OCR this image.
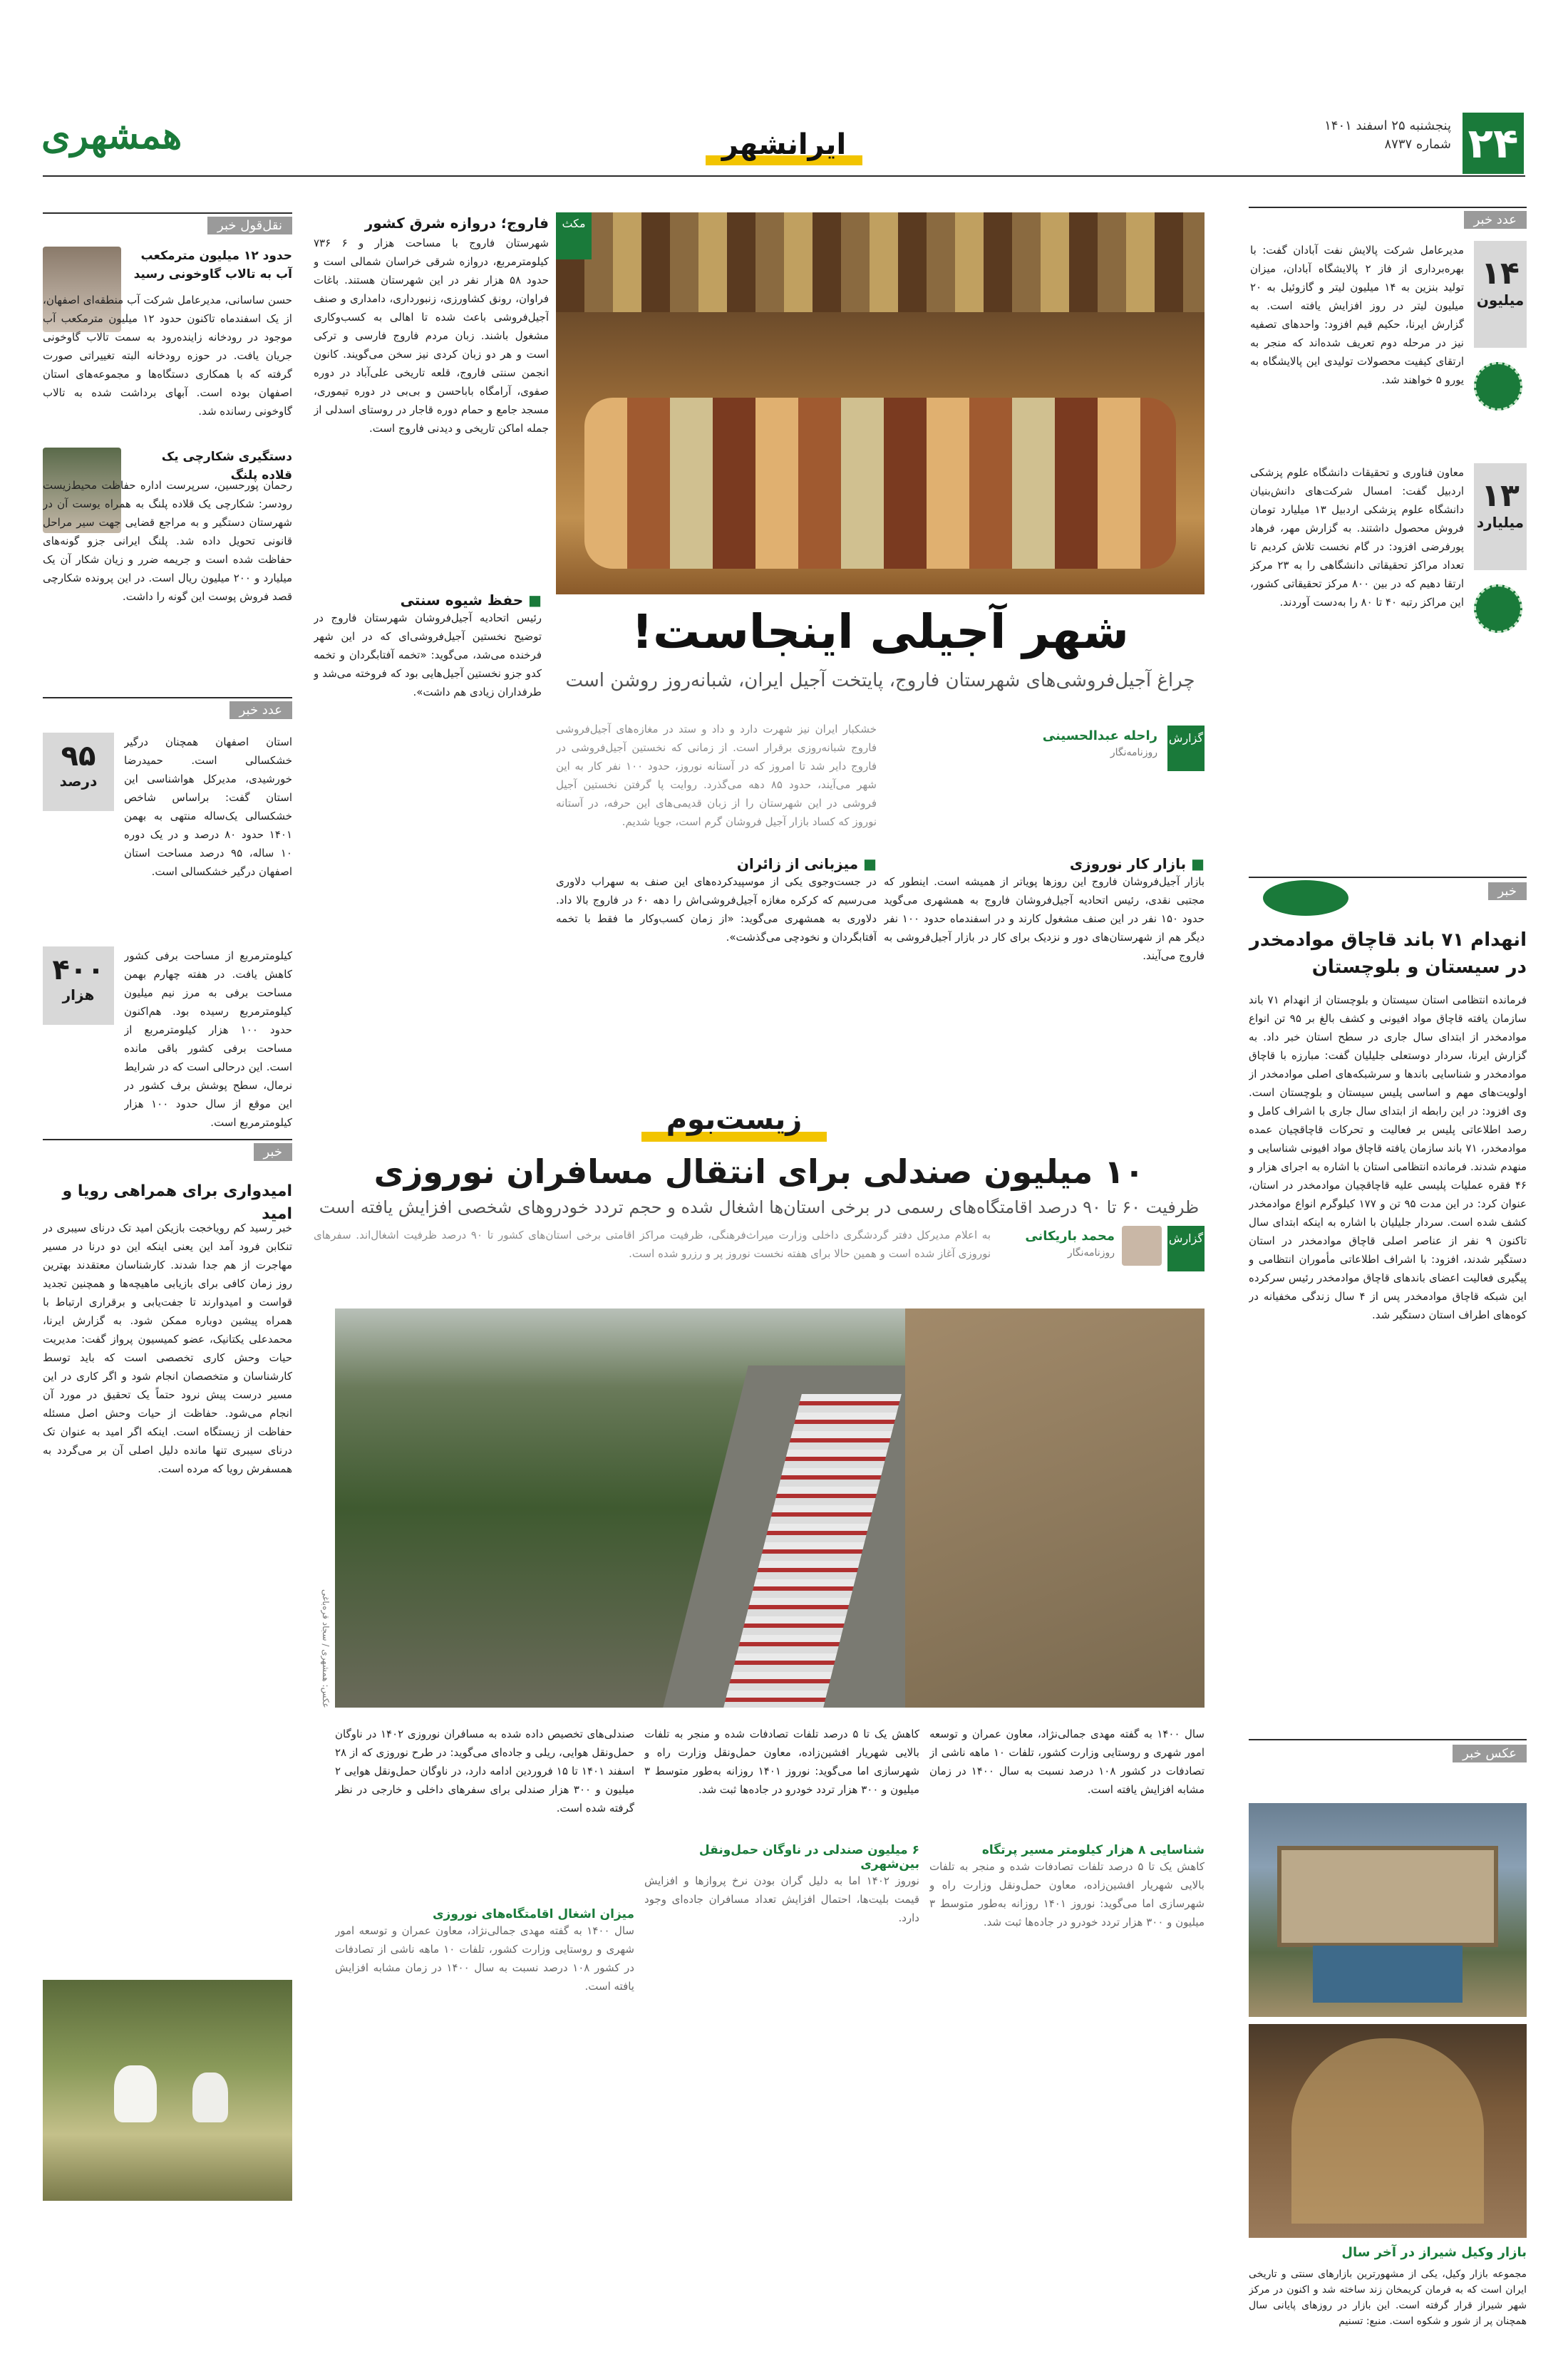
۲۴
پنجشنبه ۲۵ اسفند ۱۴۰۱
شماره ۸۷۳۷
همشهری	ایرانشهر
عدد خبر
۱۴
میلیون
مدیرعامل شرکت پالایش نفت آبادان گفت: با بهره‌برداری از فاز ۲ پالایشگاه آبادان، میزان تولید بنزین به ۱۴ میلیون لیتر و گازوئیل به ۲۰ میلیون لیتر در روز افزایش یافته است. به گزارش ایرنا، حکیم قیم افزود: واحدهای تصفیه نیز در مرحله دوم تعریف شده‌اند که منجر به ارتقای کیفیت محصولات تولیدی این پالایشگاه به یورو ۵ خواهند شد.
۱۳
میلیارد
معاون فناوری و تحقیقات دانشگاه علوم پزشکی اردبیل گفت: امسال شرکت‌های دانش‌بنیان دانشگاه علوم پزشکی اردبیل ۱۳ میلیارد تومان فروش محصول داشتند. به گزارش مهر، فرهاد پورفرضی افزود: در گام نخست تلاش کردیم تا تعداد مراکز تحقیقاتی دانشگاهی را به ۲۳ مرکز ارتقا دهیم که در بین ۸۰۰ مرکز تحقیقاتی کشور، این مراکز رتبه ۴۰ تا ۸۰ را به‌دست آوردند.
خبر
انهدام ۷۱ باند قاچاق موادمخدر در سیستان و بلوچستان
فرمانده انتظامی استان سیستان و بلوچستان از انهدام ۷۱ باند سازمان یافته قاچاق مواد افیونی و کشف بالغ بر ۹۵ تن انواع موادمخدر از ابتدای سال جاری در سطح استان خبر داد. به گزارش ایرنا، سردار دوستعلی جلیلیان گفت: مبارزه با قاچاق موادمخدر و شناسایی باندها و سرشبکه‌های اصلی موادمخدر از اولویت‌های مهم و اساسی پلیس سیستان و بلوچستان است. وی افزود: در این رابطه از ابتدای سال جاری با اشراف کامل و رصد اطلاعاتی پلیس بر فعالیت و تحرکات قاچاقچیان عمده موادمخدر، ۷۱ باند سازمان یافته قاچاق مواد افیونی شناسایی و منهدم شدند. فرمانده انتظامی استان با اشاره به اجرای هزار و ۴۶ فقره عملیات پلیسی علیه قاچاقچیان موادمخدر در استان، عنوان کرد: در این مدت ۹۵ تن و ۱۷۷ کیلوگرم انواع موادمخدر کشف شده است. سردار جلیلیان با اشاره به اینکه ابتدای سال تاکنون ۹ نفر از عناصر اصلی قاچاق موادمخدر در استان دستگیر شدند، افزود: با اشراف اطلاعاتی مأموران انتظامی و پیگیری فعالیت اعضای باندهای قاچاق موادمخدر رئیس سرکرده این شبکه قاچاق موادمخدر پس از ۴ سال زندگی مخفیانه در کوه‌های اطراف استان دستگیر شد.
عکس خبر
بازار وکیل شیراز در آخر سال
مجموعه بازار وکیل، یکی از مشهورترین بازارهای سنتی و تاریخی ایران است که به فرمان کریمخان زند ساخته شد و اکنون در مرکز شهر شیراز قرار گرفته است. این بازار در روزهای پایانی سال همچنان پر از شور و شکوه است. منبع: تسنیم
مکث
فاروج؛ دروازه شرق کشور
شهرستان فاروج با مساحت هزار و ۶ ۷۳۶ کیلومترمربع، دروازه شرقی خراسان شمالی است و حدود ۵۸ هزار نفر در این شهرستان هستند. باغات فراوان، رونق کشاورزی، زنبورداری، دامداری و صنف آجیل‌فروشی باعث شده تا اهالی به کسب‌وکاری مشغول باشند. زبان مردم فاروج فارسی و ترکی است و هر دو زبان کردی نیز سخن می‌گویند. کانون انجمن سنتی فاروج، قلعه تاریخی علی‌آباد در دوره صفوی، آرامگاه باباحسن و بی‌بی در دوره تیموری، مسجد جامع و حمام دوره قاجار در روستای اسدلی از جمله اماکن تاریخی و دیدنی فاروج است.
شهر آجیلی اینجاست!
چراغ آجیل‌فروشی‌های شهرستان فاروج، پایتخت آجیل ایران، شبانه‌روز روشن است
گزارش
راحله عبدالحسینی
روزنامه‌نگار
خشکبار ایران نیز شهرت دارد و داد و ستد در مغازه‌های آجیل‌فروشی فاروج شبانه‌روزی برقرار است. از زمانی که نخستین آجیل‌فروشی در فاروج دایر شد تا امروز که در آستانه نوروز، حدود ۱۰۰ نفر کار به این شهر می‌آیند، حدود ۸۵ دهه می‌گذرد. روایت پا گرفتن نخستین آجیل فروشی در این شهرستان را از زبان قدیمی‌های این حرفه، در آستانه نوروز که کساد بازار آجیل فروشان گرم است، جویا شدیم.
■ بازار کار نوروزی
بازار آجیل‌فروشان فاروج این روزها پویاتر از همیشه است. اینطور که مجتبی نقدی، رئیس اتحادیه آجیل‌فروشان فاروج به همشهری می‌گوید حدود ۱۵۰ نفر در این صنف مشغول کارند و در اسفندماه حدود ۱۰۰ نفر دیگر هم از شهرستان‌های دور و نزدیک برای کار در بازار آجیل‌فروشی به فاروج می‌آیند.
■ میزبانی از زائران
در جست‌وجوی یکی از موسپیدکرده‌های این صنف به سهراب دلاوری می‌رسیم که کرکره مغازه آجیل‌فروشی‌اش را دهه ۶۰ در فاروج بالا داد. دلاوری به همشهری می‌گوید: «از زمان کسب‌وکار ما فقط با تخمه آفتابگردان و نخودچی می‌گذشت».
■ حفظ شیوه سنتی
رئیس اتحادیه آجیل‌فروشان شهرستان فاروج در توضیح نخستین آجیل‌فروشی‌ای که در این شهر فرخنده می‌شد، می‌گوید: «تخمه آفتابگردان و تخمه کدو جزو نخستین آجیل‌هایی بود که فروخته می‌شد و طرفداران زیادی هم داشت».
زیست‌بوم
۱۰ میلیون صندلی برای انتقال مسافران نوروزی
ظرفیت ۶۰ تا ۹۰ درصد اقامتگاه‌های رسمی در برخی استان‌ها اشغال شده و حجم تردد خودروهای شخصی افزایش یافته است
گزارش
محمد باریکانی
روزنامه‌نگار
به اعلام مدیرکل دفتر گردشگری داخلی وزارت میراث‌فرهنگی، ظرفیت مراکز اقامتی برخی استان‌های کشور تا ۹۰ درصد ظرفیت اشغال‌اند. سفرهای نوروزی آغاز شده است و همین حالا برای هفته نخست نوروز پر و رزرو شده است.
عکس: همشهری / سجاد قره‌باغی
سال ۱۴۰۰ به گفته مهدی جمالی‌نژاد، معاون عمران و توسعه امور شهری و روستایی وزارت کشور، تلفات ۱۰ ماهه ناشی از تصادفات در کشور ۱۰۸ درصد نسبت به سال ۱۴۰۰ در زمان مشابه افزایش یافته است.
شناسایی ۸ هزار کیلومتر مسیر پرتگاه
کاهش یک تا ۵ درصد تلفات تصادفات شده و منجر به تلفات بالایی شهریار افشین‌زاده، معاون حمل‌ونقل وزارت راه و شهرسازی اما می‌گوید: نوروز ۱۴۰۱ روزانه به‌طور متوسط ۳ میلیون و ۳۰۰ هزار تردد خودرو در جاده‌ها ثبت شد.
کاهش یک تا ۵ درصد تلفات تصادفات شده و منجر به تلفات بالایی شهریار افشین‌زاده، معاون حمل‌ونقل وزارت راه و شهرسازی اما می‌گوید: نوروز ۱۴۰۱ روزانه به‌طور متوسط ۳ میلیون و ۳۰۰ هزار تردد خودرو در جاده‌ها ثبت شد.
۶ میلیون صندلی در ناوگان حمل‌ونقل بین‌شهری
نوروز ۱۴۰۲ اما به دلیل گران بودن نرخ پروازها و افزایش قیمت بلیت‌ها، احتمال افزایش تعداد مسافران جاده‌ای وجود دارد.
صندلی‌های تخصیص داده شده به مسافران نوروزی ۱۴۰۲ در ناوگان حمل‌ونقل هوایی، ریلی و جاده‌ای می‌گوید: در طرح نوروزی که از ۲۸ اسفند ۱۴۰۱ تا ۱۵ فروردین ادامه دارد، در ناوگان حمل‌ونقل هوایی ۲ میلیون و ۳۰۰ هزار صندلی برای سفرهای داخلی و خارجی در نظر گرفته شده است.
میزان اشغال اقامتگاه‌های نوروزی
سال ۱۴۰۰ به گفته مهدی جمالی‌نژاد، معاون عمران و توسعه امور شهری و روستایی وزارت کشور، تلفات ۱۰ ماهه ناشی از تصادفات در کشور ۱۰۸ درصد نسبت به سال ۱۴۰۰ در زمان مشابه افزایش یافته است.
نقل‌قول خبر
حدود ۱۲ میلیون مترمکعب آب به تالاب گاوخونی رسید
حسن ساسانی، مدیرعامل شرکت آب منطقه‌ای اصفهان، از یک اسفندماه تاکنون حدود ۱۲ میلیون مترمکعب آب موجود در رودخانه زاینده‌رود به سمت تالاب گاوخونی جریان یافت. در حوزه رودخانه البته تغییراتی صورت گرفته که با همکاری دستگاه‌ها و مجموعه‌های استان اصفهان بوده است. آبهای برداشت شده به تالاب گاوخونی رسانده شد.
دستگیری شکارچی یک قلاده پلنگ
رحمان پورحسین، سرپرست اداره حفاظت محیط‌زیست رودسر: شکارچی یک قلاده پلنگ به همراه یوست آن در شهرستان دستگیر و به مراجع قضایی جهت سیر مراحل قانونی تحویل داده شد. پلنگ ایرانی جزو گونه‌های حفاظت شده است و جریمه ضرر و زیان شکار آن یک میلیارد و ۲۰۰ میلیون ریال است. در این پرونده شکارچی قصد فروش پوست این گونه را داشت.
عدد خبر
۹۵
درصد
استان اصفهان همچنان درگیر خشکسالی است. حمیدرضا خورشیدی، مدیرکل هواشناسی این استان گفت: براساس شاخص خشکسالی یک‌ساله منتهی به بهمن ۱۴۰۱ حدود ۸۰ درصد و در یک دوره ۱۰ ساله، ۹۵ درصد مساحت استان اصفهان درگیر خشکسالی است.
۴۰۰
هزار
کیلومترمربع از مساحت برفی کشور کاهش یافت. در هفته چهارم بهمن مساحت برفی به مرز نیم میلیون کیلومترمربع رسیده بود. هم‌اکنون حدود ۱۰۰ هزار کیلومترمربع از مساحت برفی کشور باقی مانده است. این درحالی است که در شرایط نرمال، سطح پوشش برف کشور در این موقع از سال حدود ۱۰۰ هزار کیلومترمربع است.
خبر
امیدواری برای همراهی رویا و امید
خبر رسید کم رویاخجت بازیکن امید تک درنای سیبری در تنکابن فرود آمد این یعنی اینکه این دو درنا در مسیر مهاجرت از هم جدا شدند. کارشناسان معتقدند بهترین روز زمان کافی برای بازیابی ماهیچه‌ها و همچنین تجدید قواست و امیدوارند تا جفت‌یابی و برقراری ارتباط با همراه پیشین دوباره ممکن شود. به گزارش ایرنا، محمدعلی یکتانیک، عضو کمیسیون پرواز گفت: مدیریت حیات وحش کاری تخصصی است که باید توسط کارشناسان و متخصصان انجام شود و اگر کاری در این مسیر درست پیش نرود حتماً یک تحقیق در مورد آن انجام می‌شود. حفاظت از حیات وحش اصل مسئله حفاظت از زیستگاه است. اینکه اگر امید به عنوان تک درنای سیبری تنها مانده دلیل اصلی آن بر می‌گردد به همسفرش رویا که مرده است.
